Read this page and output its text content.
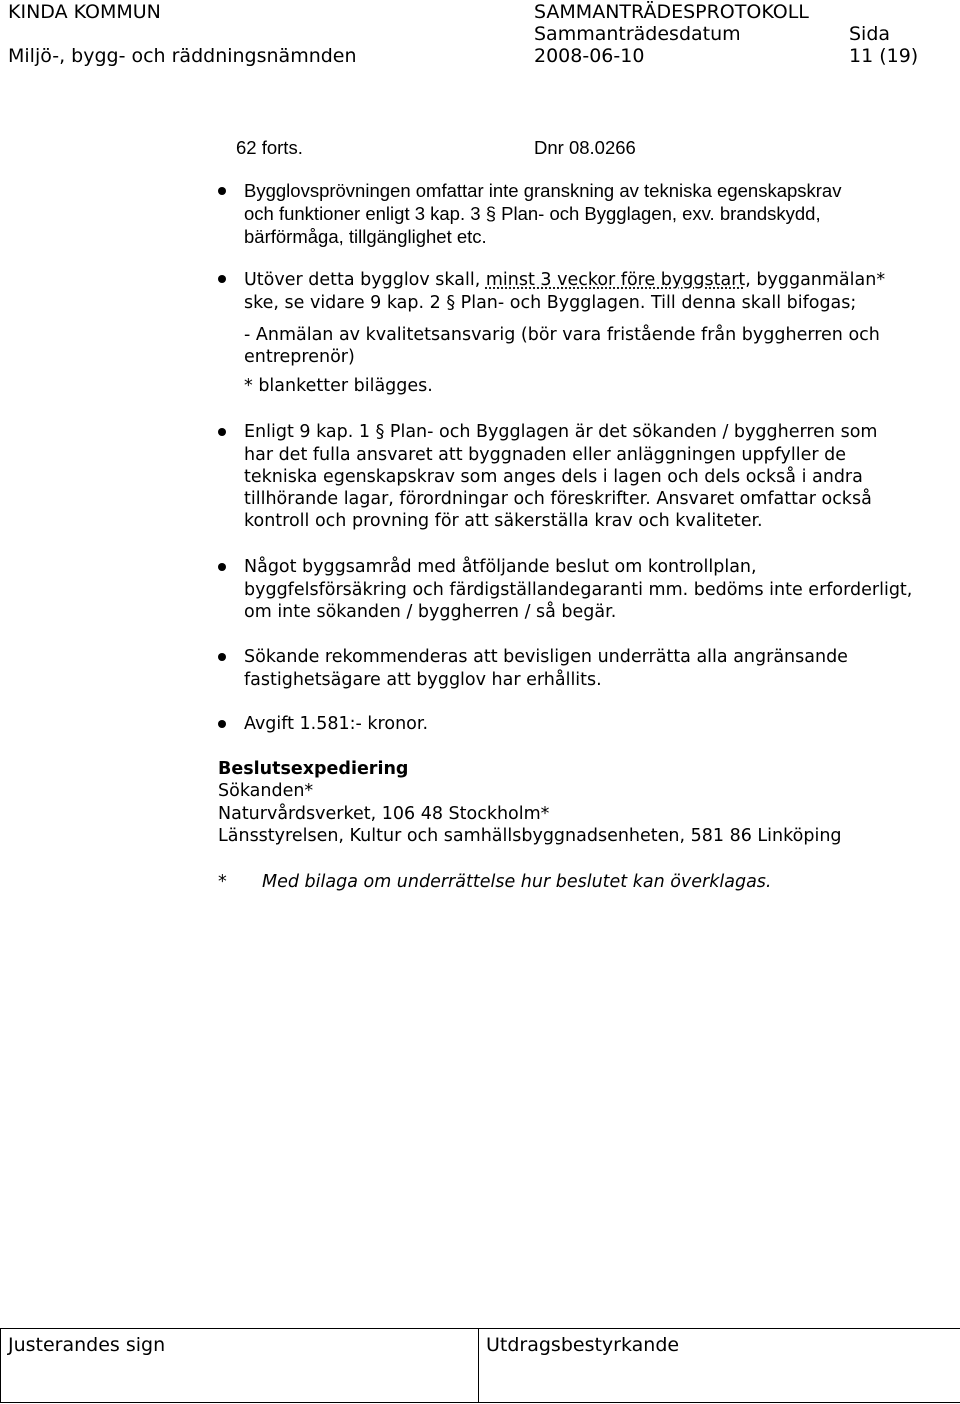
KINDA KOMMUN
Miljö-, bygg- och räddningsnämnden
SAMMANTRÄDESPROTOKOLL
Sammanträdesdatum
2008-06-10
Sida
11 (19)
62 forts.	Dnr 08.0266
Bygglovsprövningen omfattar inte granskning av tekniska egenskapskrav
och funktioner enligt 3 kap. 3 § Plan- och Bygglagen, exv. brandskydd,
bärförmåga, tillgänglighet etc.
Utöver detta bygglov skall, minst 3 veckor före byggstart, bygganmälan*
ske, se vidare 9 kap. 2 § Plan- och Bygglagen. Till denna skall bifogas;
- Anmälan av kvalitetsansvarig (bör vara fristående från byggherren och
entreprenör)
* blanketter bilägges.
Enligt 9 kap. 1 § Plan- och Bygglagen är det sökanden / byggherren som
har det fulla ansvaret att byggnaden eller anläggningen uppfyller de
tekniska egenskapskrav som anges dels i lagen och dels också i andra
tillhörande lagar, förordningar och föreskrifter. Ansvaret omfattar också
kontroll och provning för att säkerställa krav och kvaliteter.
Något byggsamråd med åtföljande beslut om kontrollplan,
byggfelsförsäkring och färdigställandegaranti mm. bedöms inte erforderligt,
om inte sökanden / byggherren / så begär.
Sökande rekommenderas att bevisligen underrätta alla angränsande
fastighetsägare att bygglov har erhållits.
Avgift 1.581:- kronor.
Beslutsexpediering
Sökanden*
Naturvårdsverket, 106 48 Stockholm*
Länsstyrelsen, Kultur och samhällsbyggnadsenheten, 581 86 Linköping
* Med bilaga om underrättelse hur beslutet kan överklagas.
Justerandes sign	Utdragsbestyrkande
